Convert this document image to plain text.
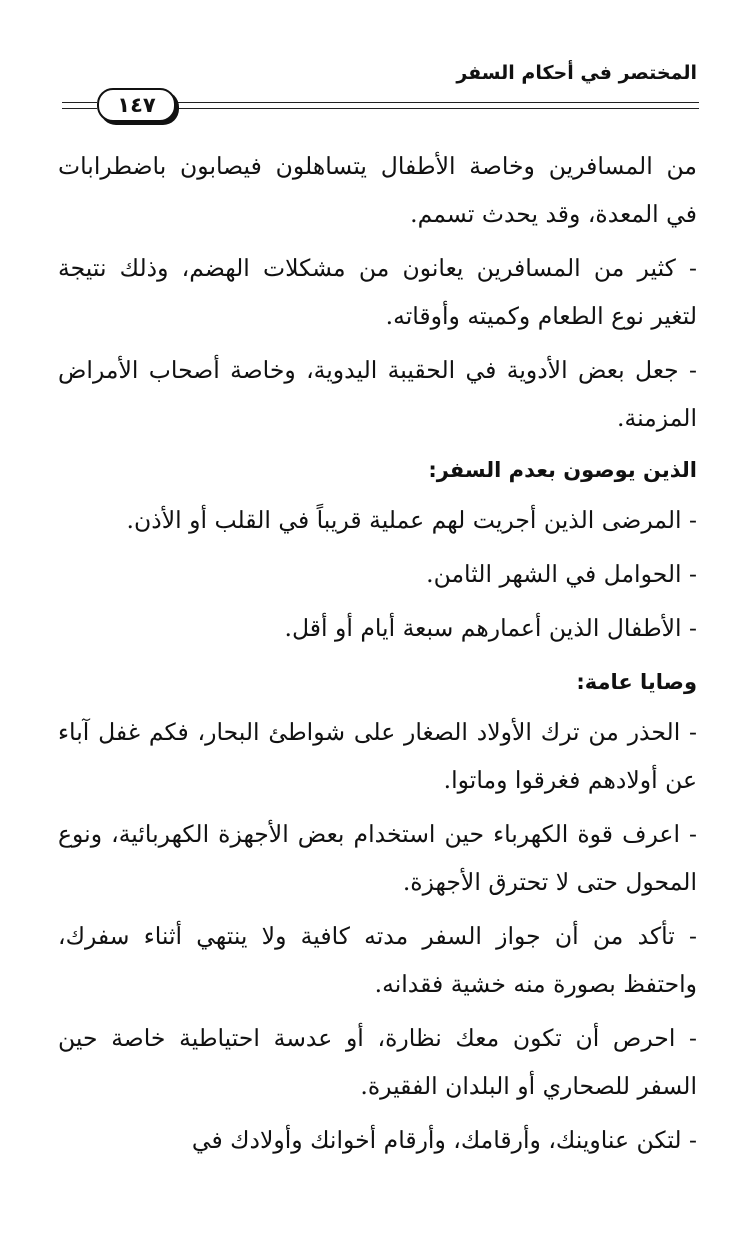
المختصر في أحكام السفر
١٤٧

من المسافرين وخاصة الأطفال يتساهلون فيصابون باضطرابات في المعدة، وقد يحدث تسمم.

- كثير من المسافرين يعانون من مشكلات الهضم، وذلك نتيجة لتغير نوع الطعام وكميته وأوقاته.

- جعل بعض الأدوية في الحقيبة اليدوية، وخاصة أصحاب الأمراض المزمنة.

الذين يوصون بعدم السفر:

- المرضى الذين أجريت لهم عملية قريباً في القلب أو الأذن.

- الحوامل في الشهر الثامن.

- الأطفال الذين أعمارهم سبعة أيام أو أقل.

وصايا عامة:

- الحذر من ترك الأولاد الصغار على شواطئ البحار، فكم غفل آباء عن أولادهم فغرقوا وماتوا.

- اعرف قوة الكهرباء حين استخدام بعض الأجهزة الكهربائية، ونوع المحول حتى لا تحترق الأجهزة.

- تأكد من أن جواز السفر مدته كافية ولا ينتهي أثناء سفرك، واحتفظ بصورة منه خشية فقدانه.

- احرص أن تكون معك نظارة، أو عدسة احتياطية خاصة حين السفر للصحاري أو البلدان الفقيرة.

- لتكن عناوينك، وأرقامك، وأرقام أخوانك وأولادك في
